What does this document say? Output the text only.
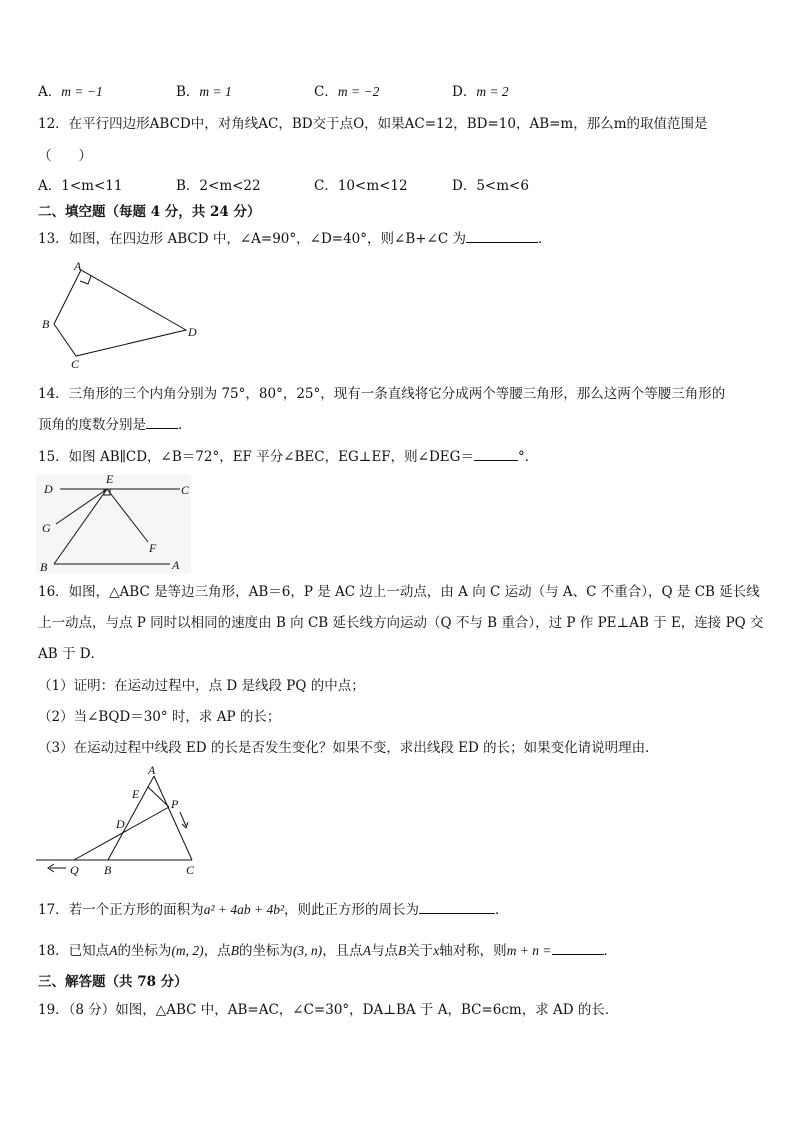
A．m = −1	B．m = 1	C．m = −2	D．m = 2
12．在平行四边形ABCD中，对角线AC，BD交于点O，如果AC=12，BD=10，AB=m，那么m的取值范围是
（　　）
A．1<m<11	B．2<m<22	C．10<m<12	D．5<m<6
二、填空题（每题 4 分，共 24 分）
13．如图，在四边形 ABCD 中，∠A=90°，∠D=40°，则∠B+∠C 为	．
A
B
C
D
14．三角形的三个内角分别为 75°，80°，25°，现有一条直线将它分成两个等腰三角形，那么这两个等腰三角形的
顶角的度数分别是 ．
15．如图 AB∥CD，∠B＝72°，EF 平分∠BEC，EG⊥EF，则∠DEG＝	°．
D
E
C
G
F
B	A
16．如图，△ABC 是等边三角形，AB＝6，P 是 AC 边上一动点，由 A 向 C 运动（与 A、C 不重合），Q 是 CB 延长线
上一动点，与点 P 同时以相同的速度由 B 向 CB 延长线方向运动（Q 不与 B 重合），过 P 作 PE⊥AB 于 E，连接 PQ 交
AB 于 D．
（1）证明：在运动过程中，点 D 是线段 PQ 的中点；
（2）当∠BQD＝30° 时，求 AP 的长；
（3）在运动过程中线段 ED 的长是否发生变化？如果不变，求出线段 ED 的长；如果变化请说明理由．
A
E
P
D
Q B	C
17．若一个正方形的面积为a² + 4ab + 4b²，则此正方形的周长为	．
18．已知点A的坐标为(m, 2)，点B的坐标为(3, n)，且点A与点B关于x轴对称，则m + n =	．
三、解答题（共 78 分）
19．（8 分）如图，△ABC 中，AB=AC，∠C=30°，DA⊥BA 于 A，BC=6cm，求 AD 的长．
